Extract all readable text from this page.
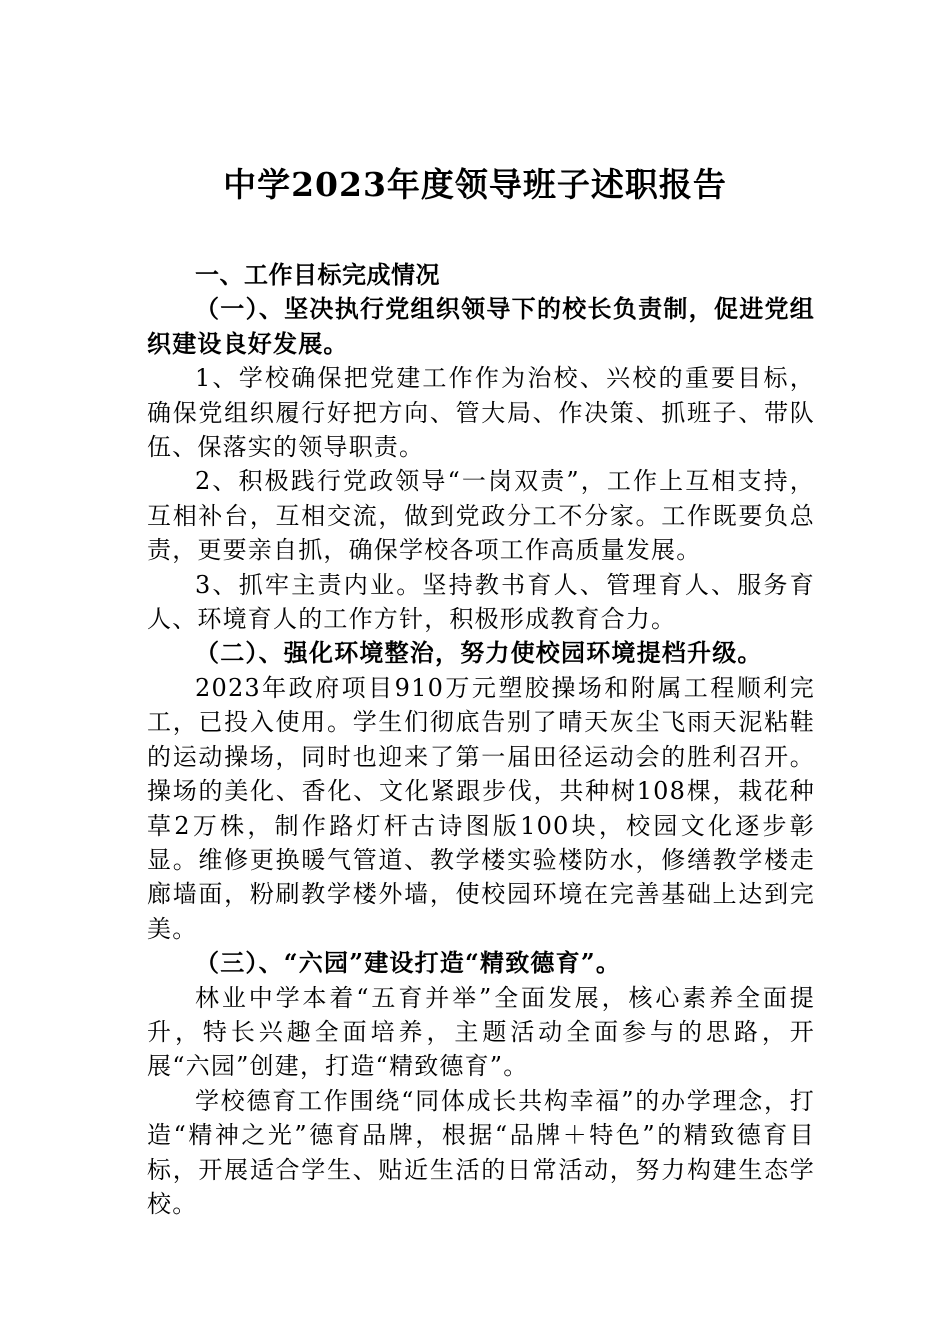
中学2023年度领导班子述职报告

一、工作目标完成情况

（一）、坚决执行党组织领导下的校长负责制，促进党组织建设良好发展。

1、学校确保把党建工作作为治校、兴校的重要目标，确保党组织履行好把方向、管大局、作决策、抓班子、带队伍、保落实的领导职责。

2、积极践行党政领导“一岗双责”，工作上互相支持，互相补台，互相交流，做到党政分工不分家。工作既要负总责，更要亲自抓，确保学校各项工作高质量发展。

3、抓牢主责内业。坚持教书育人、管理育人、服务育人、环境育人的工作方针，积极形成教育合力。

（二）、强化环境整治，努力使校园环境提档升级。

2023年政府项目910万元塑胶操场和附属工程顺利完工，已投入使用。学生们彻底告别了晴天灰尘飞雨天泥粘鞋的运动操场，同时也迎来了第一届田径运动会的胜利召开。操场的美化、香化、文化紧跟步伐，共种树108棵，栽花种草2万株，制作路灯杆古诗图版100块，校园文化逐步彰显。维修更换暖气管道、教学楼实验楼防水，修缮教学楼走廊墙面，粉刷教学楼外墙，使校园环境在完善基础上达到完美。

（三）、“六园”建设打造“精致德育”。

林业中学本着“五育并举”全面发展，核心素养全面提升，特长兴趣全面培养，主题活动全面参与的思路，开展“六园”创建，打造“精致德育”。

学校德育工作围绕“同体成长共构幸福”的办学理念，打造“精神之光”德育品牌，根据“品牌＋特色”的精致德育目标，开展适合学生、贴近生活的日常活动，努力构建生态学校。
